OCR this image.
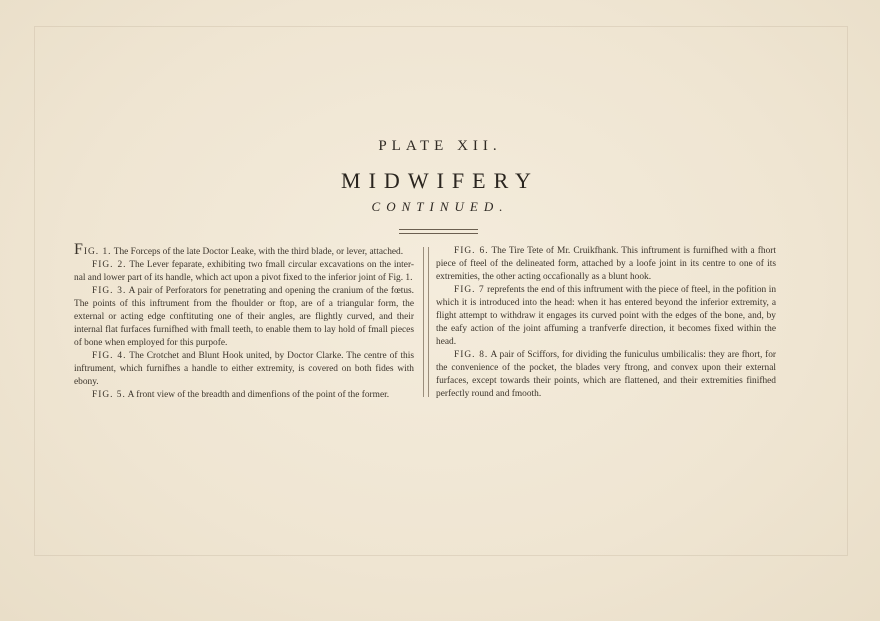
PLATE XII.
MIDWIFERY
CONTINUED.

FIG. 1. The Forceps of the late Doctor Leake, with the third blade, or lever, attached.

FIG. 2. The Lever feparate, exhibiting two fmall circular excavations on the inter-nal and lower part of its handle, which act upon a pivot fixed to the inferior joint of Fig. 1.

FIG. 3. A pair of Perforators for penetrating and opening the cranium of the fœtus. The points of this inftrument from the fhoulder or ftop, are of a triangular form, the external or acting edge conftituting one of their angles, are flightly curved, and their internal flat furfaces furnifhed with fmall teeth, to enable them to lay hold of fmall pieces of bone when employed for this purpofe.

FIG. 4. The Crotchet and Blunt Hook united, by Doctor Clarke. The centre of this inftrument, which furnifhes a handle to either extremity, is covered on both fides with ebony.

FIG. 5. A front view of the breadth and dimenfions of the point of the former.

FIG. 6. The Tire Tete of Mr. Cruikfhank. This inftrument is furnifhed with a fhort piece of fteel of the delineated form, attached by a loofe joint in its centre to one of its extremities, the other acting occafionally as a blunt hook.

FIG. 7 reprefents the end of this inftrument with the piece of fteel, in the pofition in which it is introduced into the head: when it has entered beyond the inferior extremity, a flight attempt to withdraw it engages its curved point with the edges of the bone, and, by the eafy action of the joint affuming a tranfverfe direction, it becomes fixed within the head.

FIG. 8. A pair of Sciffors, for dividing the funiculus umbilicalis: they are fhort, for the convenience of the pocket, the blades very ftrong, and convex upon their external furfaces, except towards their points, which are flattened, and their extremities finifhed perfectly round and fmooth.
